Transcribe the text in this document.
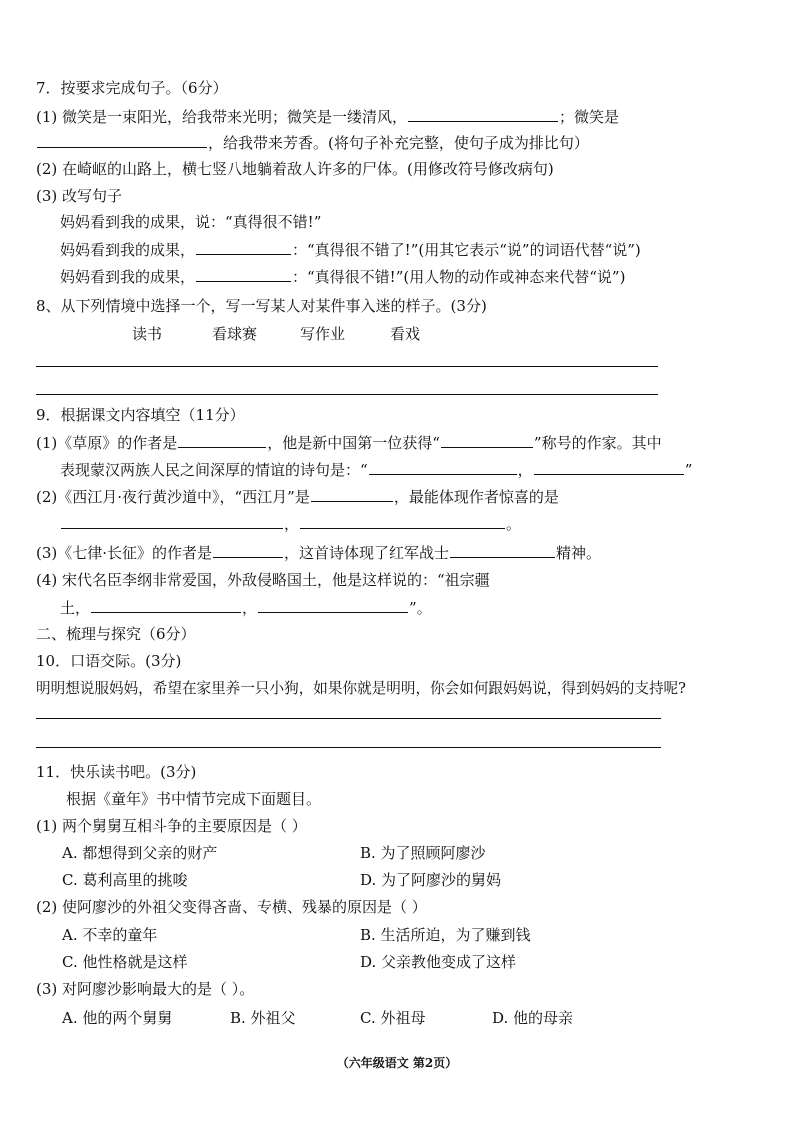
7．按要求完成句子。（6分）
(1) 微笑是一束阳光，给我带来光明；微笑是一缕清风，	；微笑是
，给我带来芳香。(将句子补充完整，使句子成为排比句）
(2) 在崎岖的山路上，横七竖八地躺着敌人许多的尸体。(用修改符号修改病句)
(3) 改写句子
妈妈看到我的成果，说：“真得很不错!”
妈妈看到我的成果，	：“真得很不错了!”(用其它表示“说”的词语代替“说”)
妈妈看到我的成果，	：“真得很不错!”(用人物的动作或神态来代替“说”)
8、从下列情境中选择一个，写一写某人对某件事入迷的样子。(3分)
读书	看球赛	写作业	看戏
9．根据课文内容填空（11分）
(1)《草原》的作者是	，他是新中国第一位获得“	”称号的作家。其中
表现蒙汉两族人民之间深厚的情谊的诗句是：“	，	”
(2)《西江月·夜行黄沙道中》，“西江月”是	，最能体现作者惊喜的是
，	。
(3)《七律·长征》的作者是	，这首诗体现了红军战士	精神。
(4) 宋代名臣李纲非常爱国，外敌侵略国土，他是这样说的：“祖宗疆
土，	，	”。
二、梳理与探究（6分）
10．口语交际。(3分)
明明想说服妈妈，希望在家里养一只小狗，如果你就是明明，你会如何跟妈妈说，得到妈妈的支持呢?
11．快乐读书吧。(3分)
根据《童年》书中情节完成下面题目。
(1) 两个舅舅互相斗争的主要原因是（ ）
A. 都想得到父亲的财产	B. 为了照顾阿廖沙
C. 葛利高里的挑唆	D. 为了阿廖沙的舅妈
(2) 使阿廖沙的外祖父变得吝啬、专横、残暴的原因是（ ）
A. 不幸的童年	B. 生活所迫，为了赚到钱
C. 他性格就是这样	D. 父亲教他变成了这样
(3) 对阿廖沙影响最大的是（ ）。
A. 他的两个舅舅	B. 外祖父	C. 外祖母	D. 他的母亲
（六年级语文 第2页）
